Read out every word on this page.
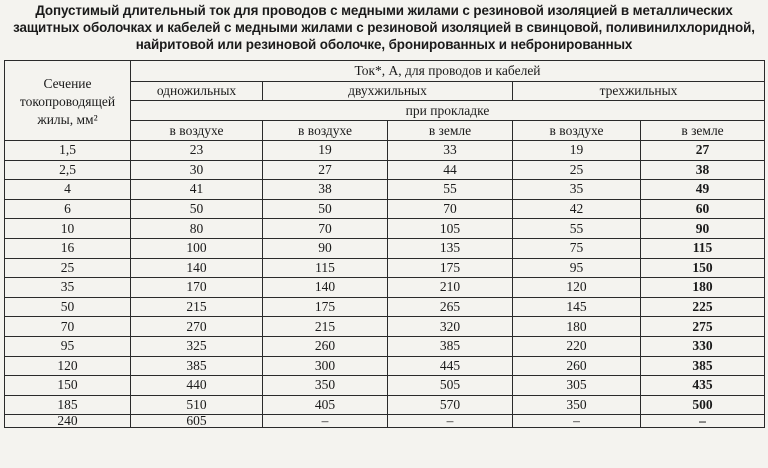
Допустимый длительный ток для проводов с медными жилами с резиновой изоляцией в металлических
защитных оболочках и кабелей с медными жилами с резиновой изоляцией в свинцовой, поливинилхлоридной,
найритовой или резиновой оболочке, бронированных и небронированных
Сечение токопроводящей жилы, мм²	Ток*, А, для проводов и кабелей				
	одножильных	двухжильных		трехжильных	
	при прокладке				
	в воздухе	в воздухе	в земле	в воздухе	в земле
1,5	23	19	33	19	27
2,5	30	27	44	25	38
4	41	38	55	35	49
6	50	50	70	42	60
10	80	70	105	55	90
16	100	90	135	75	115
25	140	115	175	95	150
35	170	140	210	120	180
50	215	175	265	145	225
70	270	215	320	180	275
95	325	260	385	220	330
120	385	300	445	260	385
150	440	350	505	305	435
185	510	405	570	350	500
240	605	–	–	–	–
